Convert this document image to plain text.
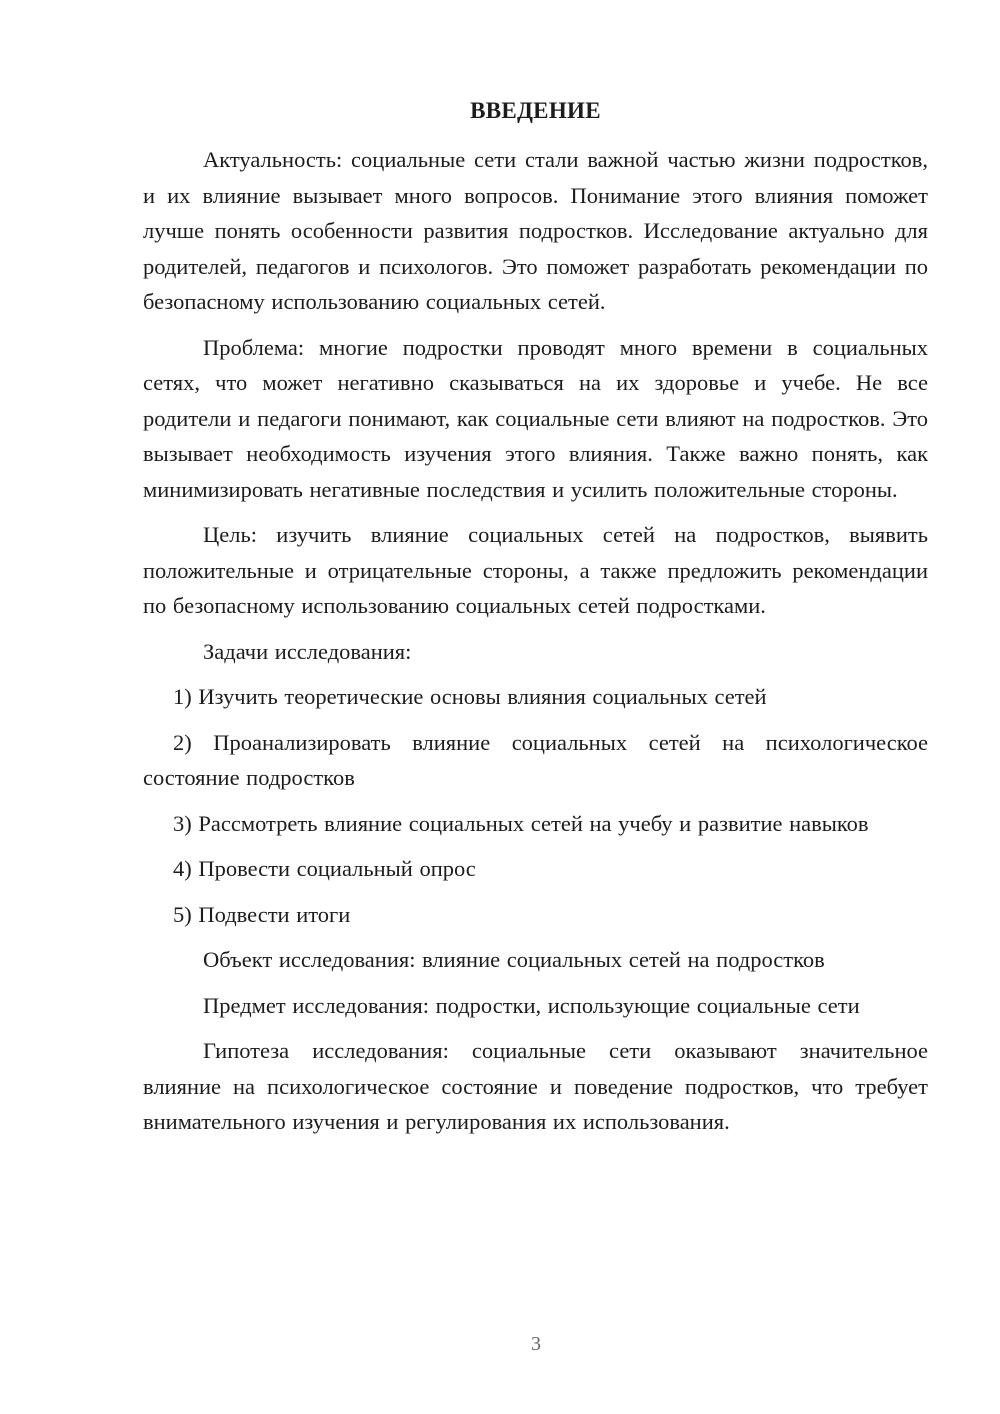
ВВЕДЕНИЕ

Актуальность: социальные сети стали важной частью жизни подростков, и их влияние вызывает много вопросов. Понимание этого влияния поможет лучше понять особенности развития подростков. Исследование актуально для родителей, педагогов и психологов. Это поможет разработать рекомендации по безопасному использованию социальных сетей.

Проблема: многие подростки проводят много времени в социальных сетях, что может негативно сказываться на их здоровье и учебе. Не все родители и педагоги понимают, как социальные сети влияют на подростков. Это вызывает необходимость изучения этого влияния. Также важно понять, как минимизировать негативные последствия и усилить положительные стороны.

Цель: изучить влияние социальных сетей на подростков, выявить положительные и отрицательные стороны, а также предложить рекомендации по безопасному использованию социальных сетей подростками.

Задачи исследования:

1) Изучить теоретические основы влияния социальных сетей

2) Проанализировать влияние социальных сетей на психологическое состояние подростков

3) Рассмотреть влияние социальных сетей на учебу и развитие навыков

4) Провести социальный опрос

5) Подвести итоги

Объект исследования: влияние социальных сетей на подростков

Предмет исследования: подростки, использующие социальные сети

Гипотеза исследования: социальные сети оказывают значительное влияние на психологическое состояние и поведение подростков, что требует внимательного изучения и регулирования их использования.

3
